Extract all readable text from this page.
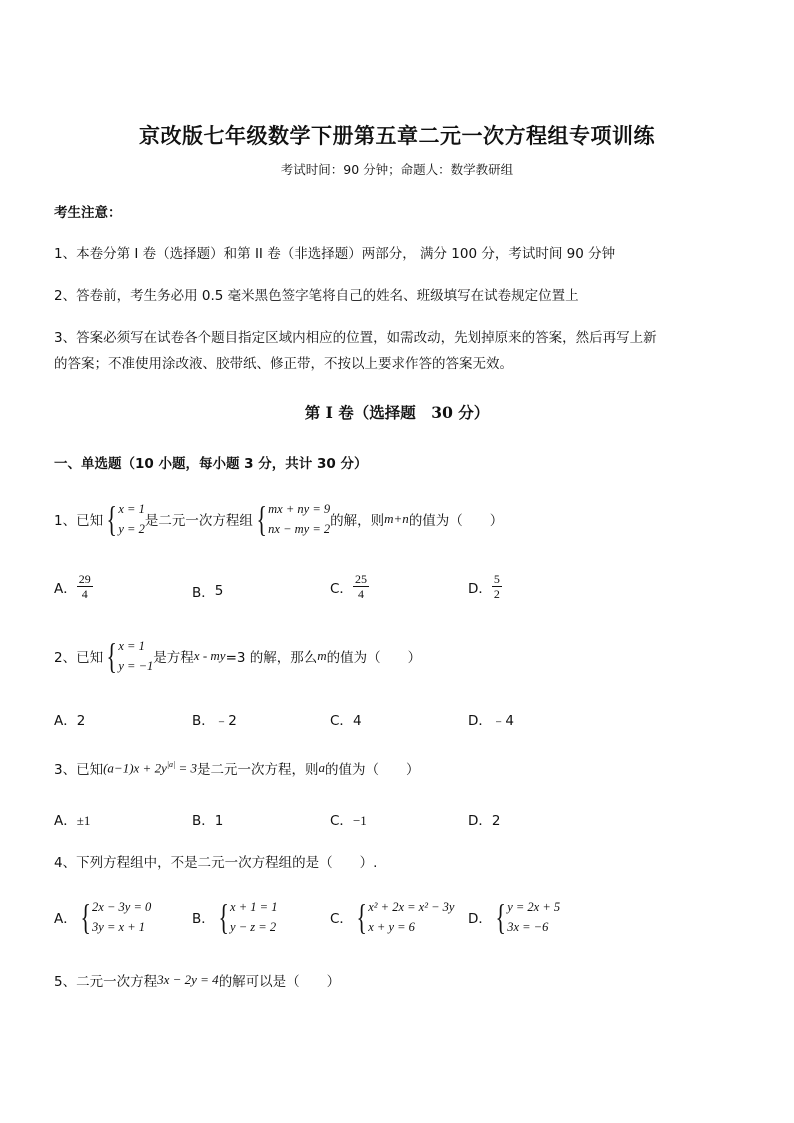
京改版七年级数学下册第五章二元一次方程组专项训练
考试时间：90 分钟；命题人：数学教研组
考生注意：
1、本卷分第 I 卷（选择题）和第 II 卷（非选择题）两部分， 满分 100 分，考试时间 90 分钟
2、答卷前，考生务必用 0.5 毫米黑色签字笔将自己的姓名、班级填写在试卷规定位置上
3、答案必须写在试卷各个题目指定区域内相应的位置，如需改动，先划掉原来的答案，然后再写上新
的答案；不准使用涂改液、胶带纸、修正带，不按以上要求作答的答案无效。
第 I 卷（选择题　30 分）
一、单选题（10 小题，每小题 3 分，共计 30 分）
1、已知 { x = 1
y = 2 是二元一次方程组 { mx + ny = 9
nx − my = 2 的解，则 m+n 的值为（　　）
A． $\frac{29}{4}$	B． 5	C． $\frac{25}{4}$	D． $\frac{5}{2}$
2、已知 { x = 1
y = −1 是方程 x - my =3 的解，那么 m 的值为（　　）
A．2	B．﹣2	C．4	D．﹣4
3、已知 $(a-1)x + 2y^{|a|} = 3$ 是二元一次方程，则 a 的值为（　　）
A．±1	B．1	C．−1	D．2
4、下列方程组中，不是二元一次方程组的是（　　）.
A． { 2x − 3y = 0
3y = x + 1	B． { x + 1 = 1
y − z = 2	C． { x² + 2x = x² − 3y
x + y = 6	D． { y = 2x + 5
3x = −6
5、二元一次方程 3x − 2y = 4 的解可以是（　　）
